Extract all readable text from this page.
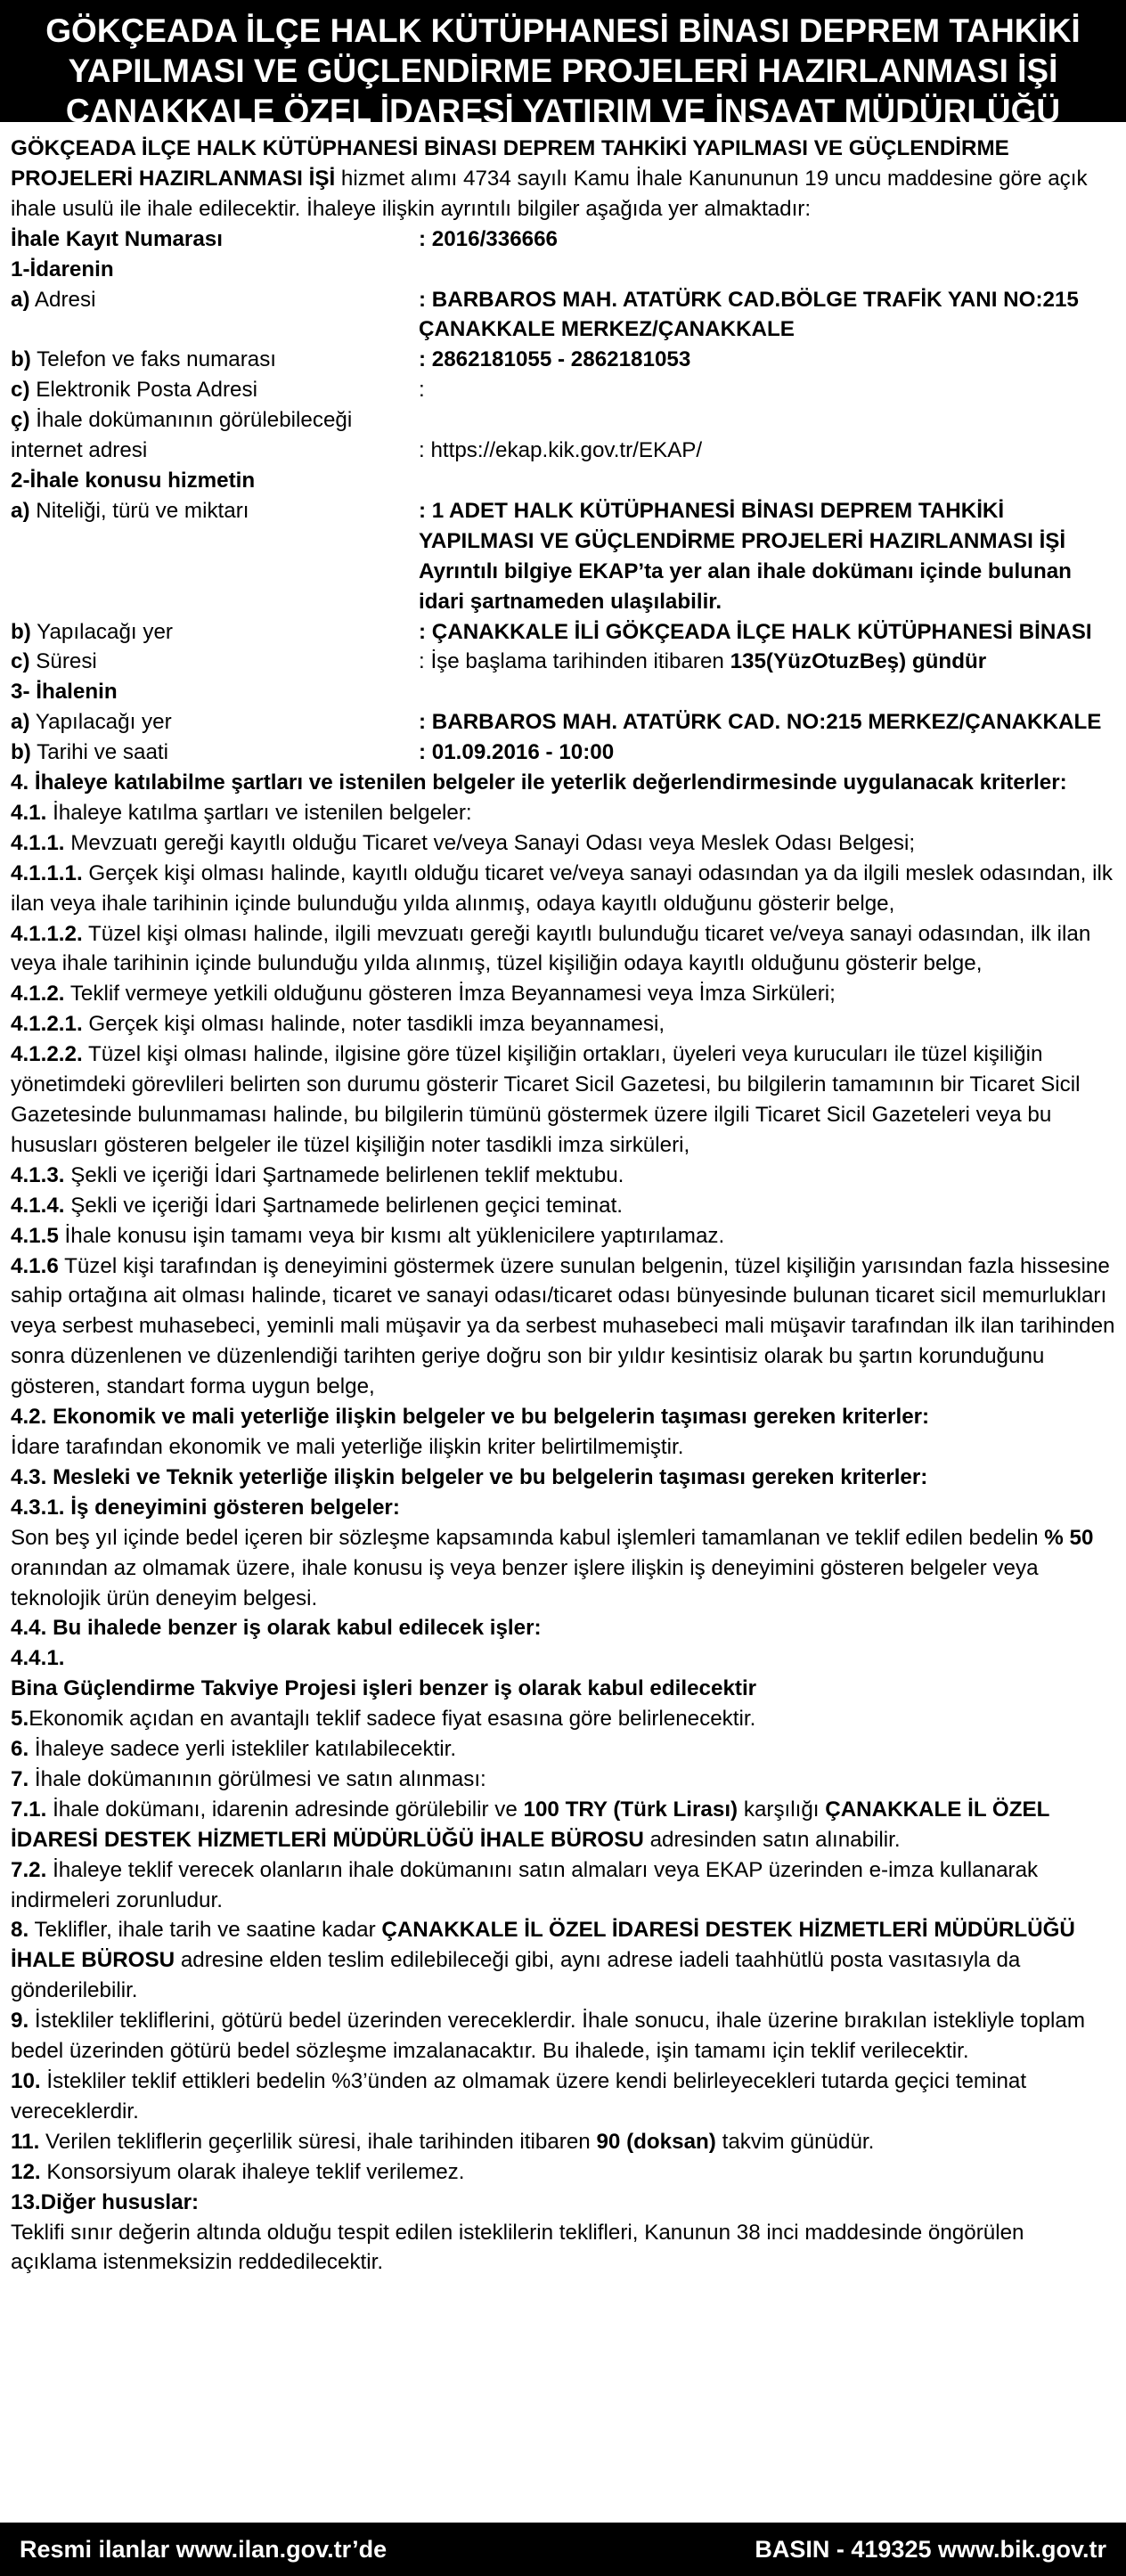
GÖKÇEADA İLÇE HALK KÜTÜPHANESİ BİNASI DEPREM TAHKİKİ
YAPILMASI VE GÜÇLENDİRME PROJELERİ HAZIRLANMASI İŞİ
ÇANAKKALE ÖZEL İDARESİ YATIRIM VE İNŞAAT MÜDÜRLÜĞÜ

GÖKÇEADA İLÇE HALK KÜTÜPHANESİ BİNASI DEPREM TAHKİKİ YAPILMASI VE GÜÇLENDİRME PROJELERİ HAZIRLANMASI İŞİ hizmet alımı 4734 sayılı Kamu İhale Kanununun 19 uncu maddesine göre açık ihale usulü ile ihale edilecektir. İhaleye ilişkin ayrıntılı bilgiler aşağıda yer almaktadır:

İhale Kayıt Numarası	: 2016/336666

1-İdarenin

a) Adresi	: BARBAROS MAH. ATATÜRK CAD.BÖLGE TRAFİK YANI NO:215 ÇANAKKALE MERKEZ/ÇANAKKALE
b) Telefon ve faks numarası	: 2862181055 - 2862181053
c) Elektronik Posta Adresi	:
ç) İhale dokümanının görülebileceği internet adresi	: https://ekap.kik.gov.tr/EKAP/

2-İhale konusu hizmetin

a) Niteliği, türü ve miktarı	: 1 ADET HALK KÜTÜPHANESİ BİNASI DEPREM TAHKİKİ YAPILMASI VE GÜÇLENDİRME PROJELERİ HAZIRLANMASI İŞİ
Ayrıntılı bilgiye EKAP’ta yer alan ihale dokümanı içinde bulunan idari şartnameden ulaşılabilir.
b) Yapılacağı yer	: ÇANAKKALE İLİ GÖKÇEADA İLÇE HALK KÜTÜPHANESİ BİNASI
c) Süresi	: İşe başlama tarihinden itibaren 135(YüzOtuzBeş) gündür

3- İhalenin

a) Yapılacağı yer	: BARBAROS MAH. ATATÜRK CAD. NO:215 MERKEZ/ÇANAKKALE
b) Tarihi ve saati	: 01.09.2016 - 10:00

4. İhaleye katılabilme şartları ve istenilen belgeler ile yeterlik değerlendirmesinde uygulanacak kriterler:

4.1. İhaleye katılma şartları ve istenilen belgeler:

4.1.1. Mevzuatı gereği kayıtlı olduğu Ticaret ve/veya Sanayi Odası veya Meslek Odası Belgesi;

4.1.1.1. Gerçek kişi olması halinde, kayıtlı olduğu ticaret ve/veya sanayi odasından ya da ilgili meslek odasından, ilk ilan veya ihale tarihinin içinde bulunduğu yılda alınmış, odaya kayıtlı olduğunu gösterir belge,

4.1.1.2. Tüzel kişi olması halinde, ilgili mevzuatı gereği kayıtlı bulunduğu ticaret ve/veya sanayi odasından, ilk ilan veya ihale tarihinin içinde bulunduğu yılda alınmış, tüzel kişiliğin odaya kayıtlı olduğunu gösterir belge,

4.1.2. Teklif vermeye yetkili olduğunu gösteren İmza Beyannamesi veya İmza Sirküleri;

4.1.2.1. Gerçek kişi olması halinde, noter tasdikli imza beyannamesi,

4.1.2.2. Tüzel kişi olması halinde, ilgisine göre tüzel kişiliğin ortakları, üyeleri veya kurucuları ile tüzel kişiliğin yönetimdeki görevlileri belirten son durumu gösterir Ticaret Sicil Gazetesi, bu bilgilerin tamamının bir Ticaret Sicil Gazetesinde bulunmaması halinde, bu bilgilerin tümünü göstermek üzere ilgili Ticaret Sicil Gazeteleri veya bu hususları gösteren belgeler ile tüzel kişiliğin noter tasdikli imza sirküleri,

4.1.3. Şekli ve içeriği İdari Şartnamede belirlenen teklif mektubu.

4.1.4. Şekli ve içeriği İdari Şartnamede belirlenen geçici teminat.

4.1.5 İhale konusu işin tamamı veya bir kısmı alt yüklenicilere yaptırılamaz.

4.1.6 Tüzel kişi tarafından iş deneyimini göstermek üzere sunulan belgenin, tüzel kişiliğin yarısından fazla hissesine sahip ortağına ait olması halinde, ticaret ve sanayi odası/ticaret odası bünyesinde bulunan ticaret sicil memurlukları veya serbest muhasebeci, yeminli mali müşavir ya da serbest muhasebeci mali müşavir tarafından ilk ilan tarihinden sonra düzenlenen ve düzenlendiği tarihten geriye doğru son bir yıldır kesintisiz olarak bu şartın korunduğunu gösteren, standart forma uygun belge,

4.2. Ekonomik ve mali yeterliğe ilişkin belgeler ve bu belgelerin taşıması gereken kriterler:

İdare tarafından ekonomik ve mali yeterliğe ilişkin kriter belirtilmemiştir.

4.3. Mesleki ve Teknik yeterliğe ilişkin belgeler ve bu belgelerin taşıması gereken kriterler:

4.3.1. İş deneyimini gösteren belgeler:

Son beş yıl içinde bedel içeren bir sözleşme kapsamında kabul işlemleri tamamlanan ve teklif edilen bedelin % 50 oranından az olmamak üzere, ihale konusu iş veya benzer işlere ilişkin iş deneyimini gösteren belgeler veya teknolojik ürün deneyim belgesi.

4.4. Bu ihalede benzer iş olarak kabul edilecek işler:

4.4.1.

Bina Güçlendirme Takviye Projesi işleri benzer iş olarak kabul edilecektir

5.Ekonomik açıdan en avantajlı teklif sadece fiyat esasına göre belirlenecektir.

6. İhaleye sadece yerli istekliler katılabilecektir.

7. İhale dokümanının görülmesi ve satın alınması:

7.1. İhale dokümanı, idarenin adresinde görülebilir ve 100 TRY (Türk Lirası) karşılığı ÇANAKKALE İL ÖZEL İDARESİ DESTEK HİZMETLERİ MÜDÜRLÜĞÜ İHALE BÜROSU adresinden satın alınabilir.

7.2. İhaleye teklif verecek olanların ihale dokümanını satın almaları veya EKAP üzerinden e-imza kullanarak indirmeleri zorunludur.

8. Teklifler, ihale tarih ve saatine kadar ÇANAKKALE İL ÖZEL İDARESİ DESTEK HİZMETLERİ MÜDÜRLÜĞÜ İHALE BÜROSU adresine elden teslim edilebileceği gibi, aynı adrese iadeli taahhütlü posta vasıtasıyla da gönderilebilir.

9. İstekliler tekliflerini, götürü bedel üzerinden vereceklerdir. İhale sonucu, ihale üzerine bırakılan istekliyle toplam bedel üzerinden götürü bedel sözleşme imzalanacaktır. Bu ihalede, işin tamamı için teklif verilecektir.

10. İstekliler teklif ettikleri bedelin %3’ünden az olmamak üzere kendi belirleyecekleri tutarda geçici teminat vereceklerdir.

11. Verilen tekliflerin geçerlilik süresi, ihale tarihinden itibaren 90 (doksan) takvim günüdür.

12. Konsorsiyum olarak ihaleye teklif verilemez.

13.Diğer hususlar:

Teklifi sınır değerin altında olduğu tespit edilen isteklilerin teklifleri, Kanunun 38 inci maddesinde öngörülen açıklama istenmeksizin reddedilecektir.

Resmi ilanlar www.ilan.gov.tr’de	BASIN - 419325 www.bik.gov.tr
